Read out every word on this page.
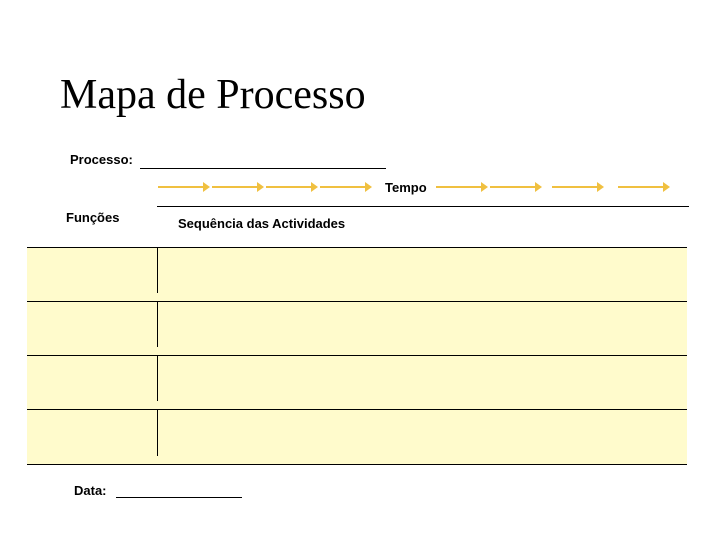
Mapa de Processo
Processo:
Tempo
Funções	Sequência das Actividades
Data:
